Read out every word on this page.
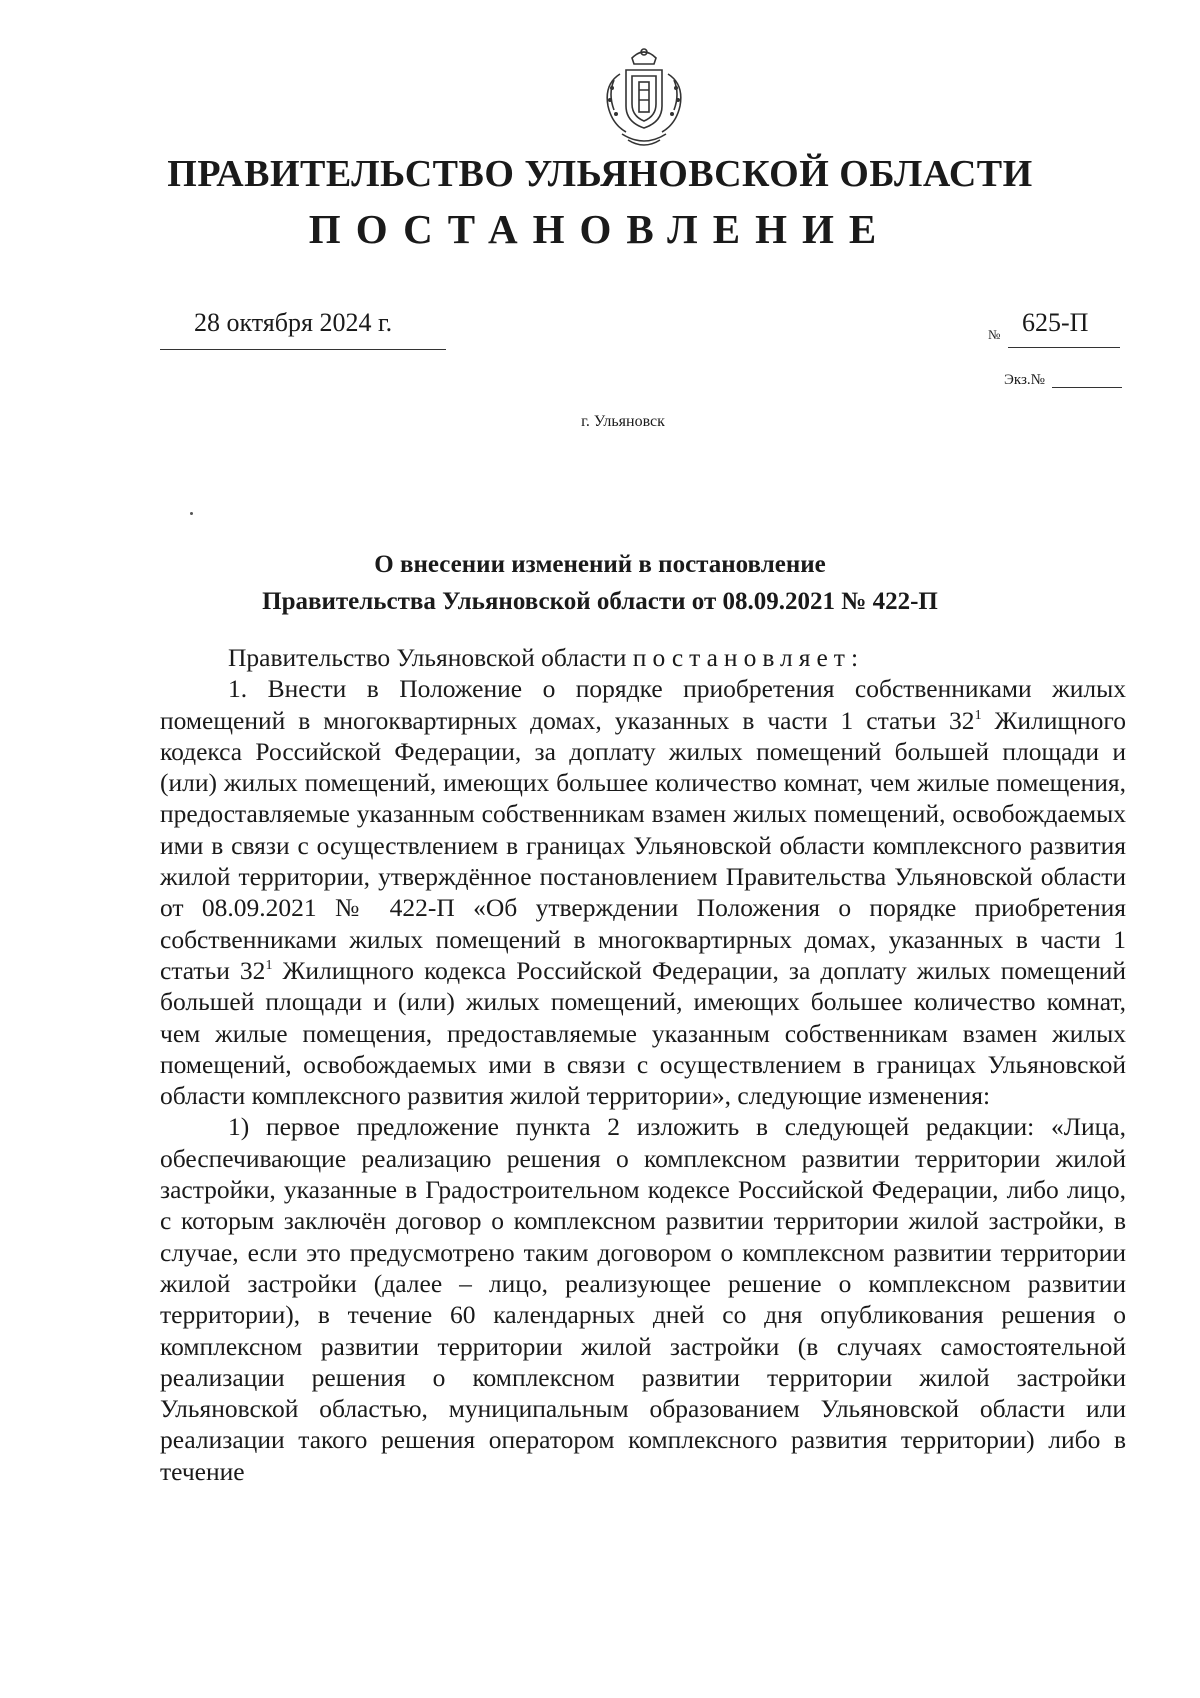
ПРАВИТЕЛЬСТВО УЛЬЯНОВСКОЙ ОБЛАСТИ
ПОСТАНОВЛЕНИЕ
28 октября 2024 г.	№ 625-П
Экз.№
г. Ульяновск
О внесении изменений в постановление
Правительства Ульяновской области от 08.09.2021 № 422-П

Правительство Ульяновской области постановляет:

1. Внести в Положение о порядке приобретения собственниками жилых помещений в многоквартирных домах, указанных в части 1 статьи $32^1$ Жилищного кодекса Российской Федерации, за доплату жилых помещений большей площади и (или) жилых помещений, имеющих большее количество комнат, чем жилые помещения, предоставляемые указанным собственникам взамен жилых помещений, освобождаемых ими в связи с осуществлением в границах Ульяновской области комплексного развития жилой территории, утверждённое постановлением Правительства Ульяновской области от 08.09.2021 № 422-П «Об утверждении Положения о порядке приобретения собственниками жилых помещений в многоквартирных домах, указанных в части 1 статьи $32^1$ Жилищного кодекса Российской Федерации, за доплату жилых помещений большей площади и (или) жилых помещений, имеющих большее количество комнат, чем жилые помещения, предоставляемые указанным собственникам взамен жилых помещений, освобождаемых ими в связи с осуществлением в границах Ульяновской области комплексного развития жилой территории», следующие изменения:

1) первое предложение пункта 2 изложить в следующей редакции: «Лица, обеспечивающие реализацию решения о комплексном развитии территории жилой застройки, указанные в Градостроительном кодексе Российской Федерации, либо лицо, с которым заключён договор о комплексном развитии территории жилой застройки, в случае, если это предусмотрено таким договором о комплексном развитии территории жилой застройки (далее – лицо, реализующее решение о комплексном развитии территории), в течение 60 календарных дней со дня опубликования решения о комплексном развитии территории жилой застройки (в случаях самостоятельной реализации решения о комплексном развитии территории жилой застройки Ульяновской областью, муниципальным образованием Ульяновской области или реализации такого решения оператором комплексного развития территории) либо в течение
